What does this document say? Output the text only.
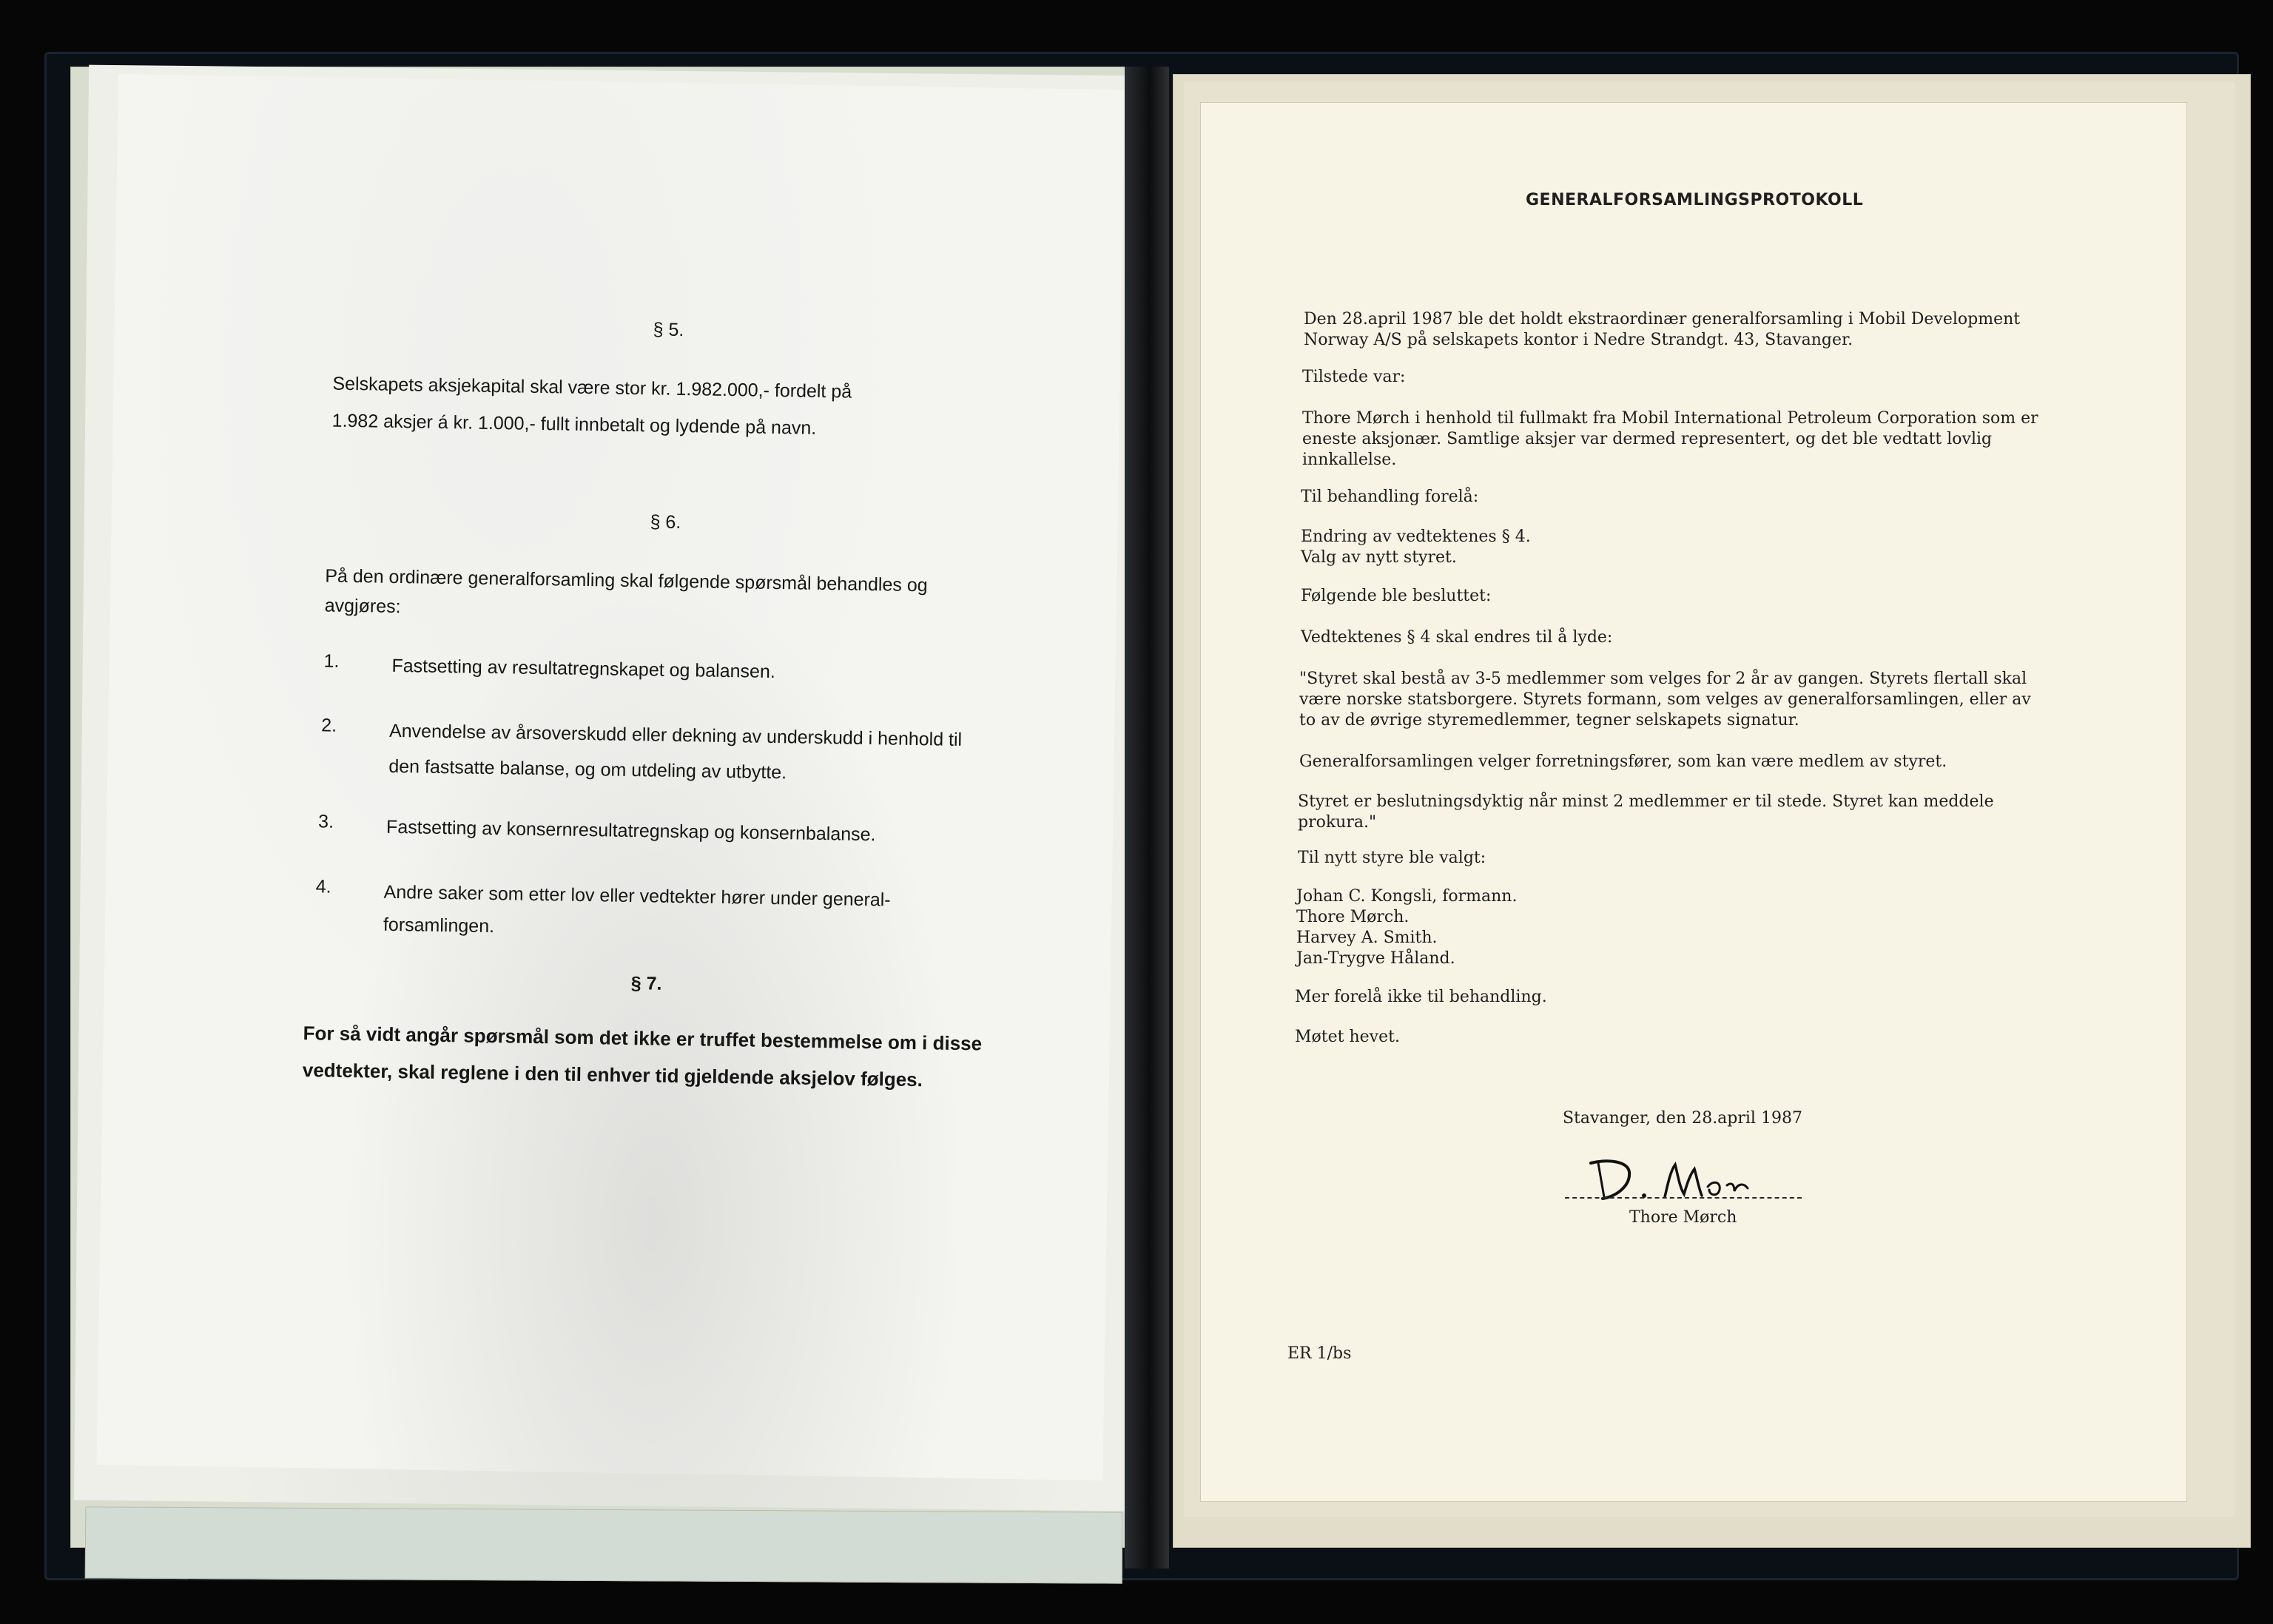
§ 5.
Selskapets aksjekapital skal være stor kr. 1.982.000,- fordelt på
1.982 aksjer á kr. 1.000,- fullt innbetalt og lydende på navn.
§ 6.
På den ordinære generalforsamling skal følgende spørsmål behandles og
avgjøres:
1.	Fastsetting av resultatregnskapet og balansen.
2.	Anvendelse av årsoverskudd eller dekning av underskudd i henhold til
den fastsatte balanse, og om utdeling av utbytte.
3.	Fastsetting av konsernresultatregnskap og konsernbalanse.
4.	Andre saker som etter lov eller vedtekter hører under general-
forsamlingen.
§ 7.
For så vidt angår spørsmål som det ikke er truffet bestemmelse om i disse
vedtekter, skal reglene i den til enhver tid gjeldende aksjelov følges.
GENERALFORSAMLINGSPROTOKOLL
Den 28.april 1987 ble det holdt ekstraordinær generalforsamling i Mobil Development
Norway A/S på selskapets kontor i Nedre Strandgt. 43, Stavanger.
Tilstede var:
Thore Mørch i henhold til fullmakt fra Mobil International Petroleum Corporation som er
eneste aksjonær. Samtlige aksjer var dermed representert, og det ble vedtatt lovlig
innkallelse.
Til behandling forelå:
Endring av vedtektenes § 4.
Valg av nytt styret.
Følgende ble besluttet:
Vedtektenes § 4 skal endres til å lyde:
"Styret skal bestå av 3-5 medlemmer som velges for 2 år av gangen. Styrets flertall skal
være norske statsborgere. Styrets formann, som velges av generalforsamlingen, eller av
to av de øvrige styremedlemmer, tegner selskapets signatur.
Generalforsamlingen velger forretningsfører, som kan være medlem av styret.
Styret er beslutningsdyktig når minst 2 medlemmer er til stede. Styret kan meddele
prokura."
Til nytt styre ble valgt:
Johan C. Kongsli, formann.
Thore Mørch.
Harvey A. Smith.
Jan-Trygve Håland.
Mer forelå ikke til behandling.
Møtet hevet.
Stavanger, den 28.april 1987
Thore Mørch
ER 1/bs
